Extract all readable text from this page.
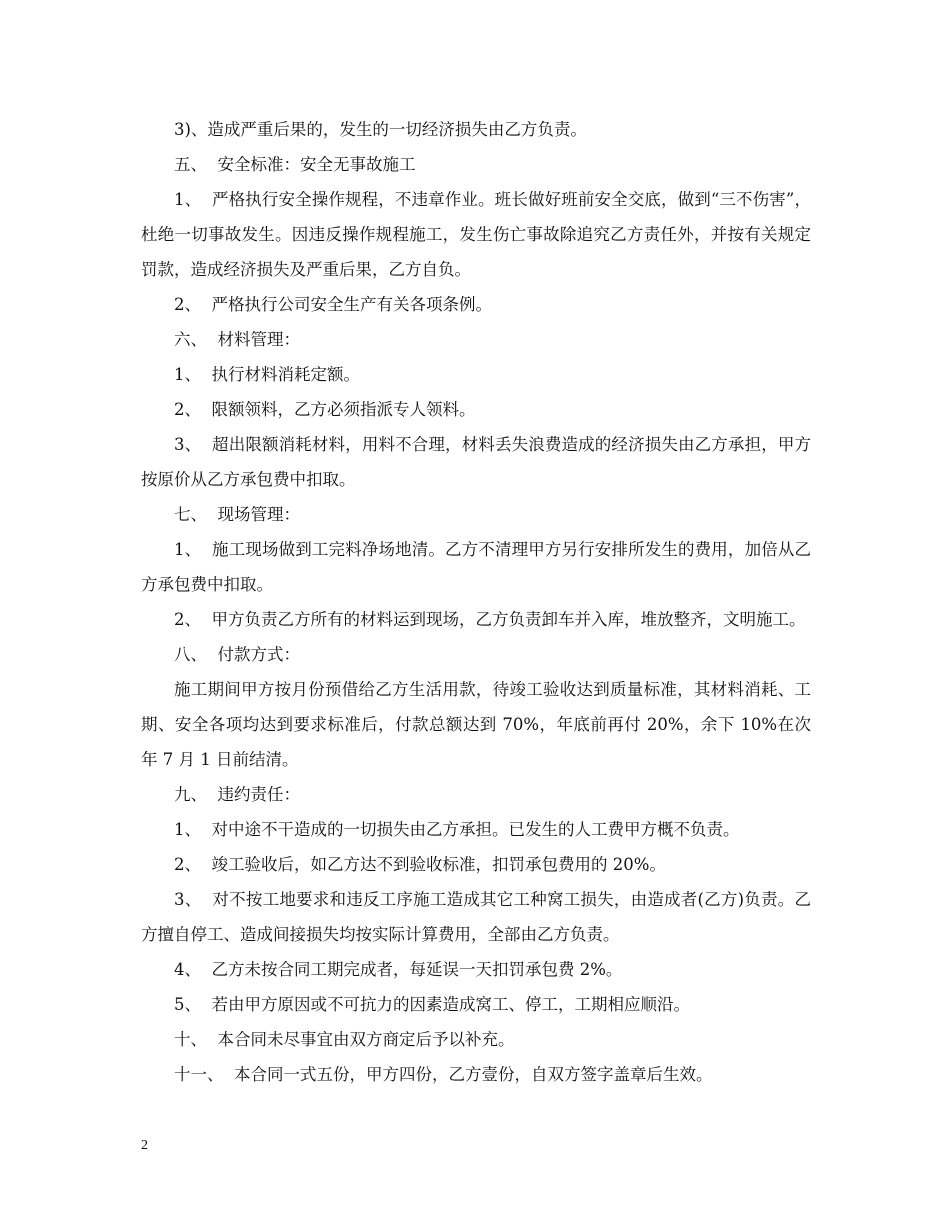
3)、造成严重后果的，发生的一切经济损失由乙方负责。

五、  安全标准：安全无事故施工

1、  严格执行安全操作规程，不违章作业。班长做好班前安全交底，做到“三不伤害”，杜绝一切事故发生。因违反操作规程施工，发生伤亡事故除追究乙方责任外，并按有关规定罚款，造成经济损失及严重后果，乙方自负。

2、  严格执行公司安全生产有关各项条例。

六、  材料管理：

1、  执行材料消耗定额。

2、  限额领料，乙方必须指派专人领料。

3、  超出限额消耗材料，用料不合理，材料丢失浪费造成的经济损失由乙方承担，甲方按原价从乙方承包费中扣取。

七、  现场管理：

1、  施工现场做到工完料净场地清。乙方不清理甲方另行安排所发生的费用，加倍从乙方承包费中扣取。

2、  甲方负责乙方所有的材料运到现场，乙方负责卸车并入库，堆放整齐，文明施工。

八、  付款方式：

施工期间甲方按月份预借给乙方生活用款，待竣工验收达到质量标准，其材料消耗、工期、安全各项均达到要求标准后，付款总额达到 70%，年底前再付 20%，余下 10%在次年 7 月 1 日前结清。

九、  违约责任：

1、  对中途不干造成的一切损失由乙方承担。已发生的人工费甲方概不负责。

2、  竣工验收后，如乙方达不到验收标准，扣罚承包费用的 20%。

3、  对不按工地要求和违反工序施工造成其它工种窝工损失，由造成者(乙方)负责。乙方擅自停工、造成间接损失均按实际计算费用，全部由乙方负责。

4、  乙方未按合同工期完成者，每延误一天扣罚承包费 2%。

5、  若由甲方原因或不可抗力的因素造成窝工、停工，工期相应顺沿。

十、  本合同未尽事宜由双方商定后予以补充。

十一、  本合同一式五份，甲方四份，乙方壹份，自双方签字盖章后生效。

2
